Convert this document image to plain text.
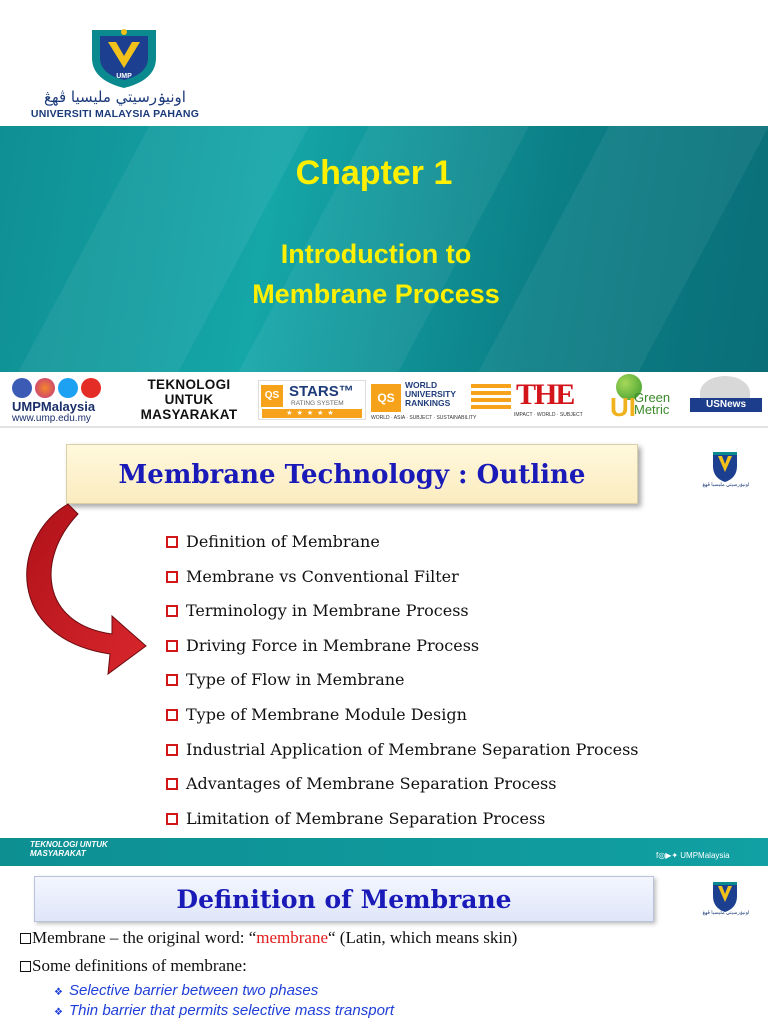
UMP
اونيۏرسيتي مليسيا ڤهڠ
UNIVERSITI MALAYSIA PAHANG
Chapter 1
Introduction to
Membrane Process
UMPMalaysia
www.ump.edu.my
TEKNOLOGI
UNTUK
MASYARAKAT
QS STARS™
RATING SYSTEM
★★★★★
QS
WORLD
UNIVERSITY
RANKINGS
WORLD · ASIA · SUBJECT · SUSTAINABILITY
THE
IMPACT · WORLD · SUBJECT UI
Green Metric	USNews
Membrane Technology : Outline	اونيۏرسيتي مليسيا ڤهڠ
Definition of Membrane
Membrane vs Conventional Filter
Terminology in Membrane Process
Driving Force in Membrane Process
Type of Flow in Membrane
Type of Membrane Module Design
Industrial Application of Membrane Separation Process
Advantages of Membrane Separation Process
Limitation of Membrane Separation Process
TEKNOLOGI UNTUK
MASYARAKAT	f◎▶✦ UMPMalaysia
Definition of Membrane	اونيۏرسيتي مليسيا ڤهڠ
Membrane – the original word: “membrane“ (Latin, which means skin)
Some definitions of membrane:
❖ Selective barrier between two phases
❖ Thin barrier that permits selective mass transport
